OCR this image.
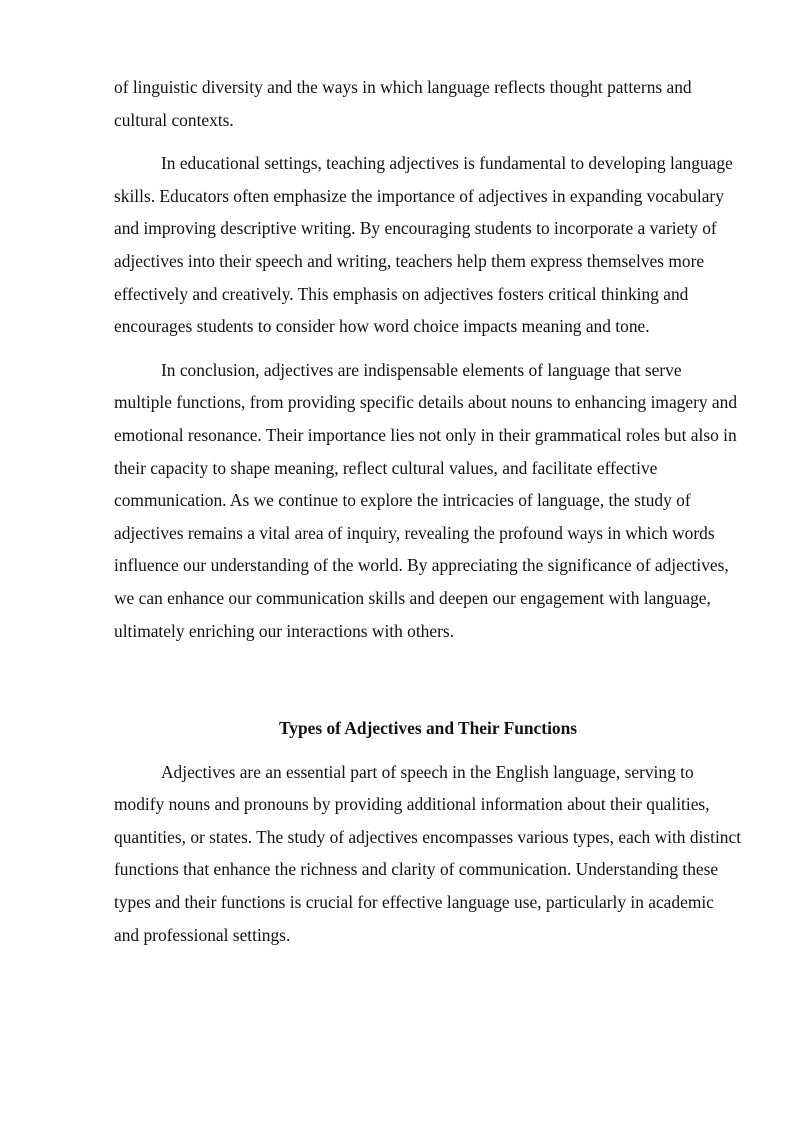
of linguistic diversity and the ways in which language reflects thought patterns and cultural contexts.

In educational settings, teaching adjectives is fundamental to developing language skills. Educators often emphasize the importance of adjectives in expanding vocabulary and improving descriptive writing. By encouraging students to incorporate a variety of adjectives into their speech and writing, teachers help them express themselves more effectively and creatively. This emphasis on adjectives fosters critical thinking and encourages students to consider how word choice impacts meaning and tone.

In conclusion, adjectives are indispensable elements of language that serve multiple functions, from providing specific details about nouns to enhancing imagery and emotional resonance. Their importance lies not only in their grammatical roles but also in their capacity to shape meaning, reflect cultural values, and facilitate effective communication. As we continue to explore the intricacies of language, the study of adjectives remains a vital area of inquiry, revealing the profound ways in which words influence our understanding of the world. By appreciating the significance of adjectives, we can enhance our communication skills and deepen our engagement with language, ultimately enriching our interactions with others.

Types of Adjectives and Their Functions

Adjectives are an essential part of speech in the English language, serving to modify nouns and pronouns by providing additional information about their qualities, quantities, or states. The study of adjectives encompasses various types, each with distinct functions that enhance the richness and clarity of communication. Understanding these types and their functions is crucial for effective language use, particularly in academic and professional settings.
